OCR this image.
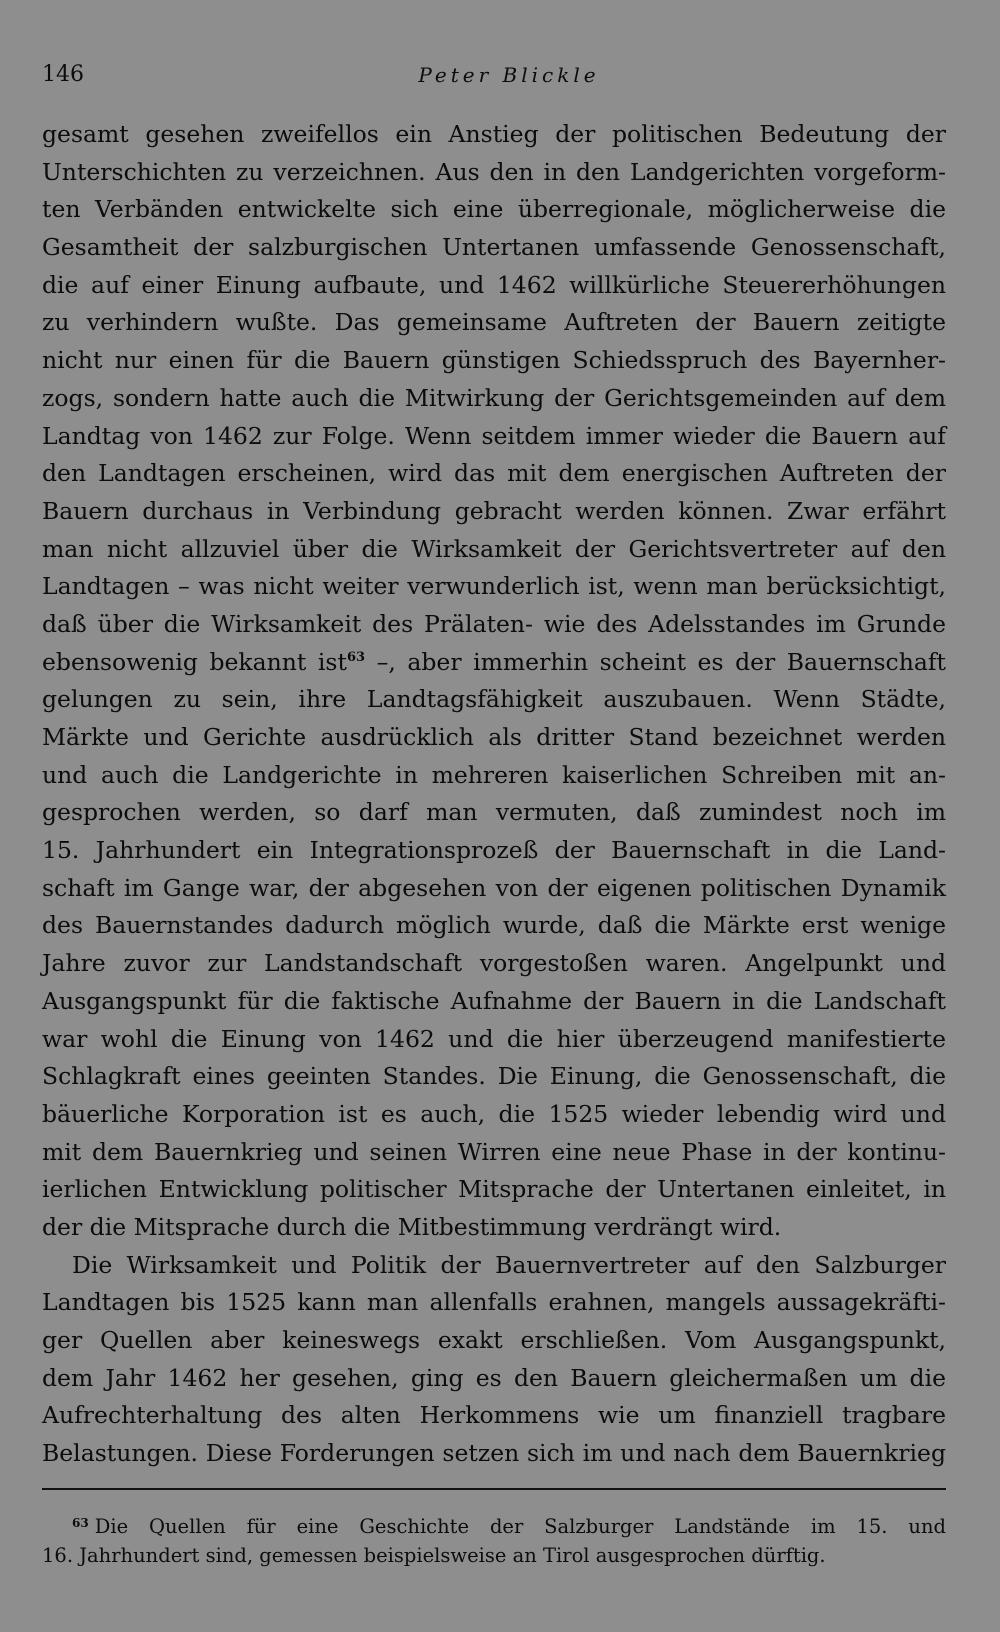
146	Peter Blickle
gesamt gesehen zweifellos ein Anstieg der politischen Bedeutung der
Unterschichten zu verzeichnen. Aus den in den Landgerichten vorgeform-
ten Verbänden entwickelte sich eine überregionale, möglicherweise die
Gesamtheit der salzburgischen Untertanen umfassende Genossenschaft,
die auf einer Einung aufbaute, und 1462 willkürliche Steuererhöhungen
zu verhindern wußte. Das gemeinsame Auftreten der Bauern zeitigte
nicht nur einen für die Bauern günstigen Schiedsspruch des Bayernher-
zogs, sondern hatte auch die Mitwirkung der Gerichtsgemeinden auf dem
Landtag von 1462 zur Folge. Wenn seitdem immer wieder die Bauern auf
den Landtagen erscheinen, wird das mit dem energischen Auftreten der
Bauern durchaus in Verbindung gebracht werden können. Zwar erfährt
man nicht allzuviel über die Wirksamkeit der Gerichtsvertreter auf den
Landtagen – was nicht weiter verwunderlich ist, wenn man berücksichtigt,
daß über die Wirksamkeit des Prälaten- wie des Adelsstandes im Grunde
ebensowenig bekannt ist$^{63}$ –, aber immerhin scheint es der Bauernschaft
gelungen zu sein, ihre Landtagsfähigkeit auszubauen. Wenn Städte,
Märkte und Gerichte ausdrücklich als dritter Stand bezeichnet werden
und auch die Landgerichte in mehreren kaiserlichen Schreiben mit an-
gesprochen werden, so darf man vermuten, daß zumindest noch im
15. Jahrhundert ein Integrationsprozeß der Bauernschaft in die Land-
schaft im Gange war, der abgesehen von der eigenen politischen Dynamik
des Bauernstandes dadurch möglich wurde, daß die Märkte erst wenige
Jahre zuvor zur Landstandschaft vorgestoßen waren. Angelpunkt und
Ausgangspunkt für die faktische Aufnahme der Bauern in die Landschaft
war wohl die Einung von 1462 und die hier überzeugend manifestierte
Schlagkraft eines geeinten Standes. Die Einung, die Genossenschaft, die
bäuerliche Korporation ist es auch, die 1525 wieder lebendig wird und
mit dem Bauernkrieg und seinen Wirren eine neue Phase in der kontinu-
ierlichen Entwicklung politischer Mitsprache der Untertanen einleitet, in
der die Mitsprache durch die Mitbestimmung verdrängt wird.
Die Wirksamkeit und Politik der Bauernvertreter auf den Salzburger
Landtagen bis 1525 kann man allenfalls erahnen, mangels aussagekräfti-
ger Quellen aber keineswegs exakt erschließen. Vom Ausgangspunkt,
dem Jahr 1462 her gesehen, ging es den Bauern gleichermaßen um die
Aufrechterhaltung des alten Herkommens wie um finanziell tragbare
Belastungen. Diese Forderungen setzen sich im und nach dem Bauernkrieg
$^{63}$ Die Quellen für eine Geschichte der Salzburger Landstände im 15. und
16. Jahrhundert sind, gemessen beispielsweise an Tirol ausgesprochen dürftig.
